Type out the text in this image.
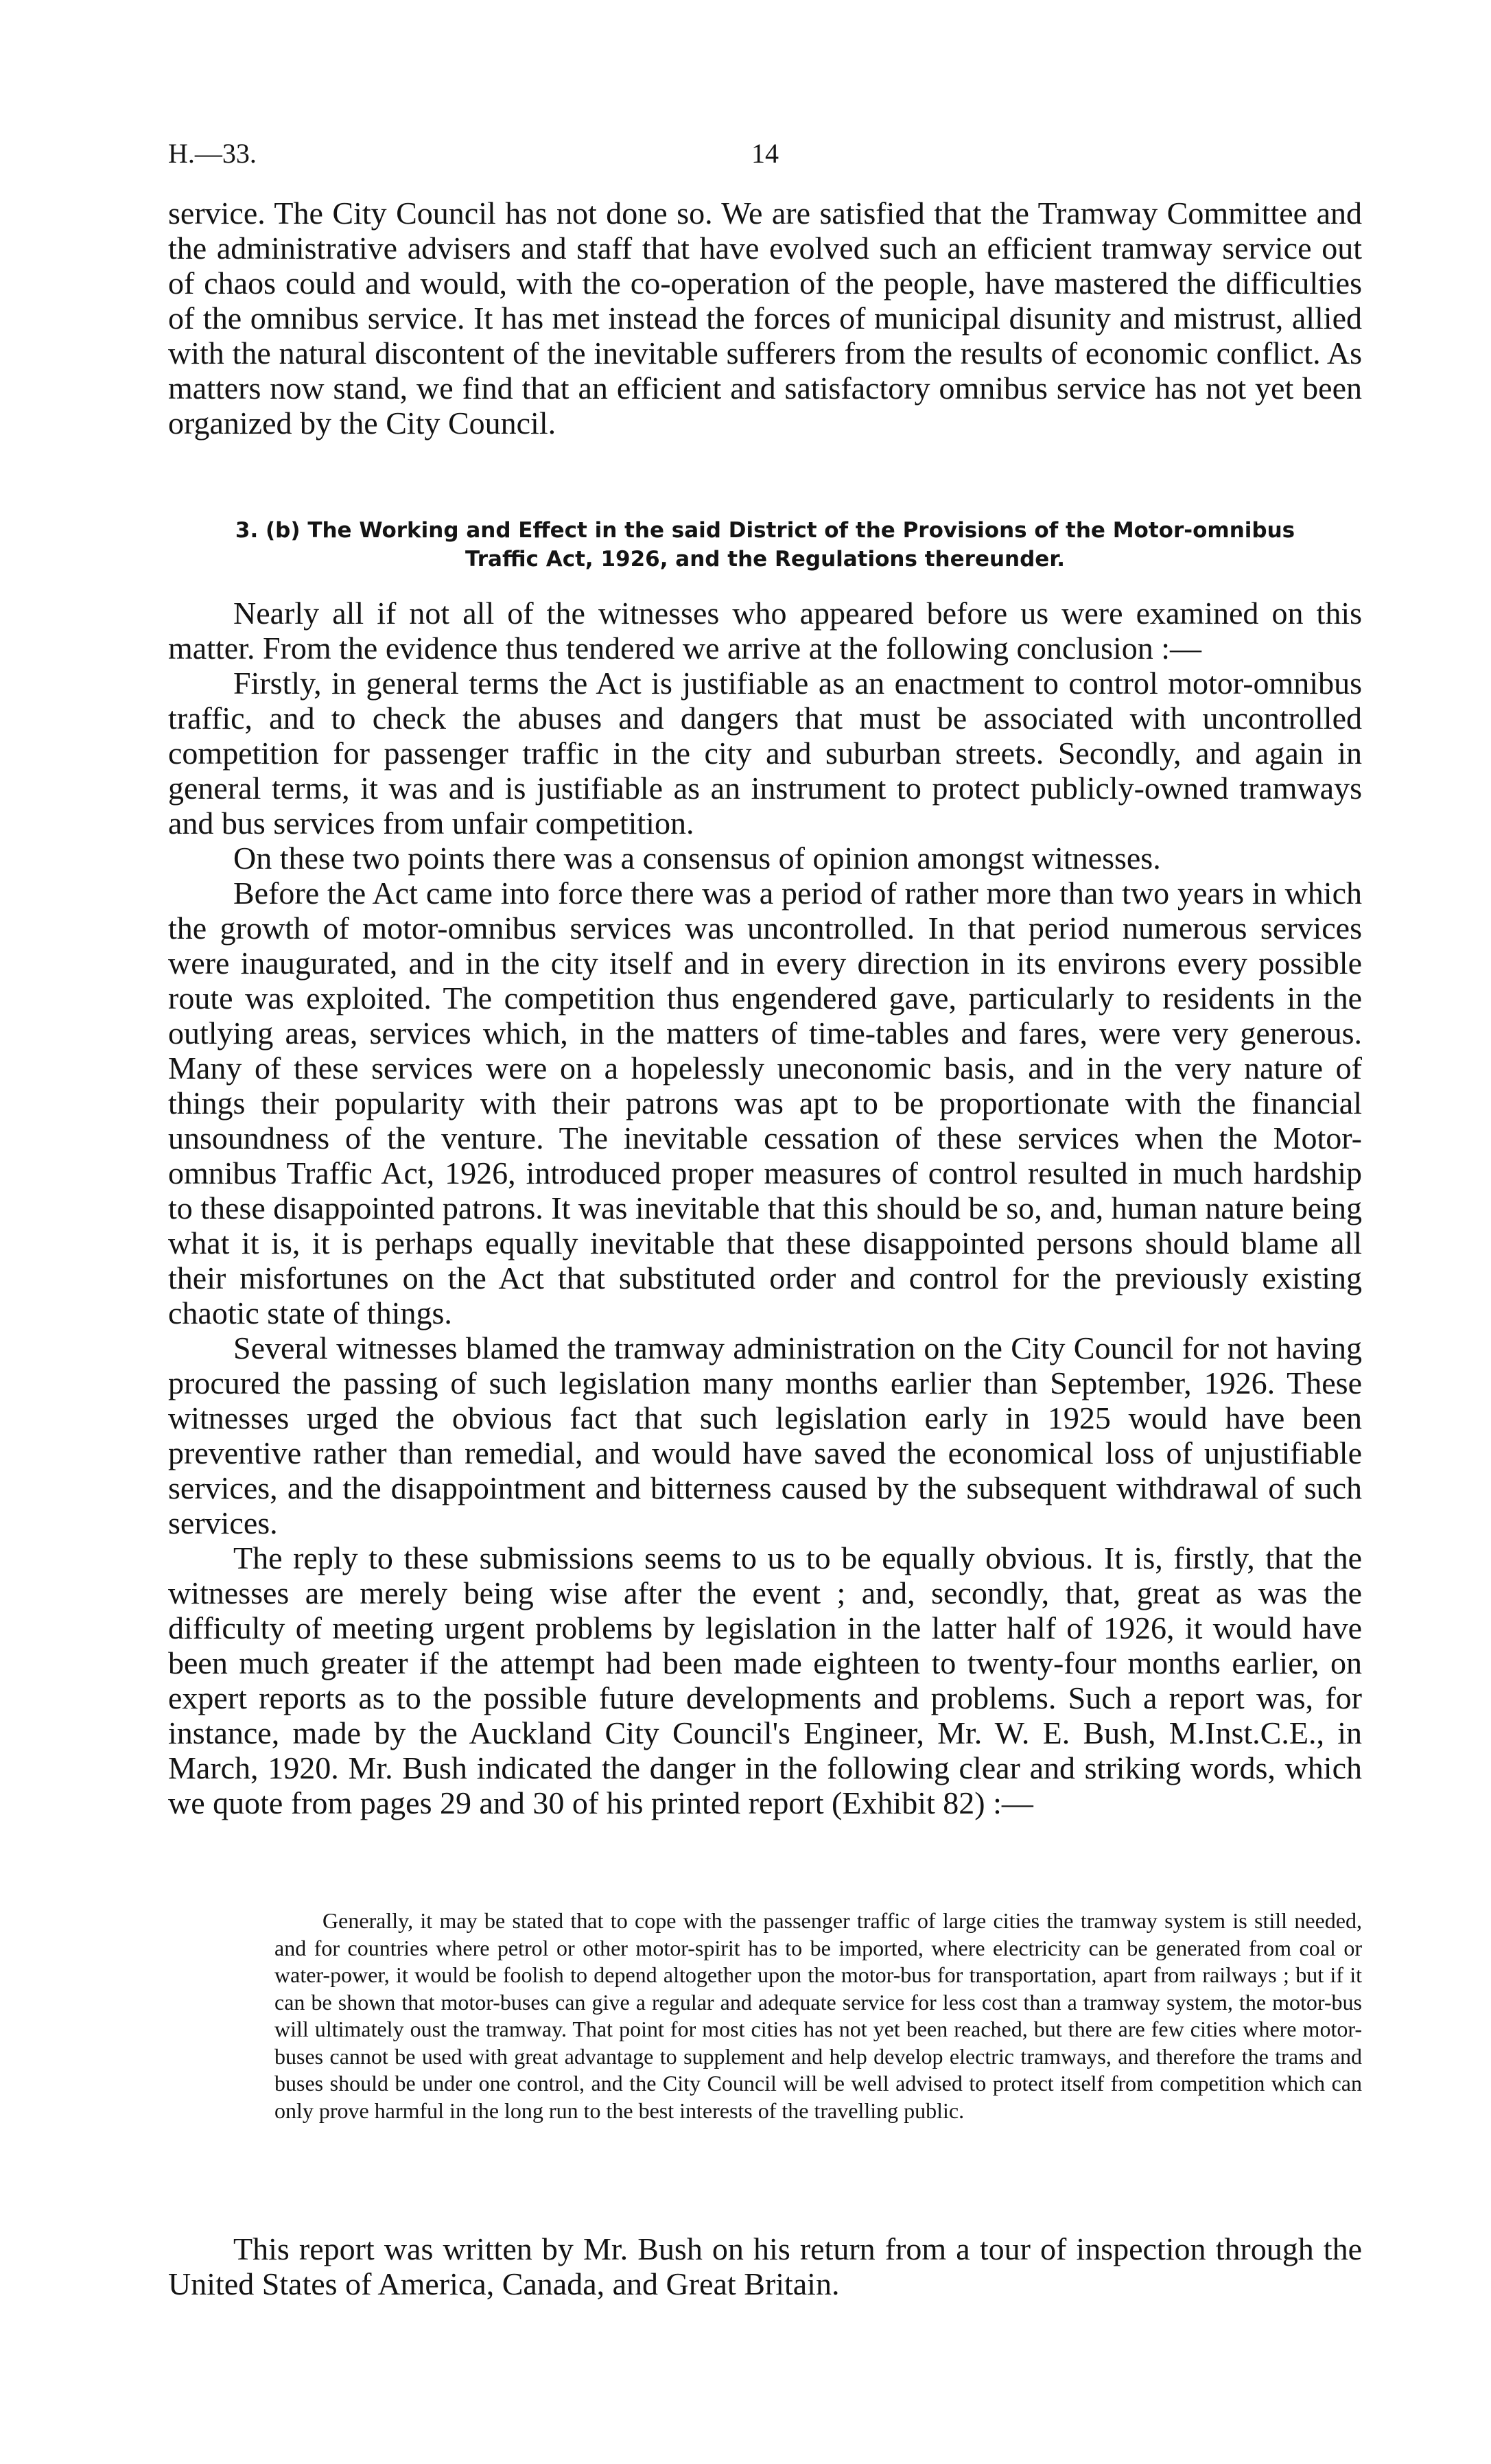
H.—33.	14

service. The City Council has not done so. We are satisfied that the Tramway Committee and the administrative advisers and staff that have evolved such an efficient tramway service out of chaos could and would, with the co-operation of the people, have mastered the difficulties of the omnibus service. It has met instead the forces of municipal disunity and mistrust, allied with the natural discontent of the inevitable sufferers from the results of economic conflict. As matters now stand, we find that an efficient and satisfactory omnibus service has not yet been organized by the City Council.

3. (b) The Working and Effect in the said District of the Provisions of the Motor-omnibus
Traffic Act, 1926, and the Regulations thereunder.

Nearly all if not all of the witnesses who appeared before us were examined on this matter. From the evidence thus tendered we arrive at the following conclusion :—

Firstly, in general terms the Act is justifiable as an enactment to control motor-omnibus traffic, and to check the abuses and dangers that must be associated with uncontrolled competition for passenger traffic in the city and suburban streets. Secondly, and again in general terms, it was and is justifiable as an instrument to protect publicly-owned tramways and bus services from unfair competition.

On these two points there was a consensus of opinion amongst witnesses.

Before the Act came into force there was a period of rather more than two years in which the growth of motor-omnibus services was uncontrolled. In that period numerous services were inaugurated, and in the city itself and in every direction in its environs every possible route was exploited. The competition thus engendered gave, particularly to residents in the outlying areas, services which, in the matters of time-tables and fares, were very generous. Many of these services were on a hopelessly uneconomic basis, and in the very nature of things their popularity with their patrons was apt to be proportionate with the financial unsoundness of the venture. The inevitable cessation of these services when the Motor-omnibus Traffic Act, 1926, introduced proper measures of control resulted in much hardship to these disappointed patrons. It was inevitable that this should be so, and, human nature being what it is, it is perhaps equally inevitable that these disappointed persons should blame all their misfortunes on the Act that substituted order and control for the previously existing chaotic state of things.

Several witnesses blamed the tramway administration on the City Council for not having procured the passing of such legislation many months earlier than September, 1926. These witnesses urged the obvious fact that such legislation early in 1925 would have been preventive rather than remedial, and would have saved the economical loss of unjustifiable services, and the disappointment and bitterness caused by the subsequent withdrawal of such services.

The reply to these submissions seems to us to be equally obvious. It is, firstly, that the witnesses are merely being wise after the event ; and, secondly, that, great as was the difficulty of meeting urgent problems by legislation in the latter half of 1926, it would have been much greater if the attempt had been made eighteen to twenty-four months earlier, on expert reports as to the possible future developments and problems. Such a report was, for instance, made by the Auckland City Council's Engineer, Mr. W. E. Bush, M.Inst.C.E., in March, 1920. Mr. Bush indicated the danger in the following clear and striking words, which we quote from pages 29 and 30 of his printed report (Exhibit 82) :—

Generally, it may be stated that to cope with the passenger traffic of large cities the tramway system is still needed, and for countries where petrol or other motor-spirit has to be imported, where electricity can be generated from coal or water-power, it would be foolish to depend altogether upon the motor-bus for transportation, apart from railways ; but if it can be shown that motor-buses can give a regular and adequate service for less cost than a tramway system, the motor-bus will ultimately oust the tramway. That point for most cities has not yet been reached, but there are few cities where motor-buses cannot be used with great advantage to supplement and help develop electric tramways, and therefore the trams and buses should be under one control, and the City Council will be well advised to protect itself from competition which can only prove harmful in the long run to the best interests of the travelling public.

This report was written by Mr. Bush on his return from a tour of inspection through the United States of America, Canada, and Great Britain.
